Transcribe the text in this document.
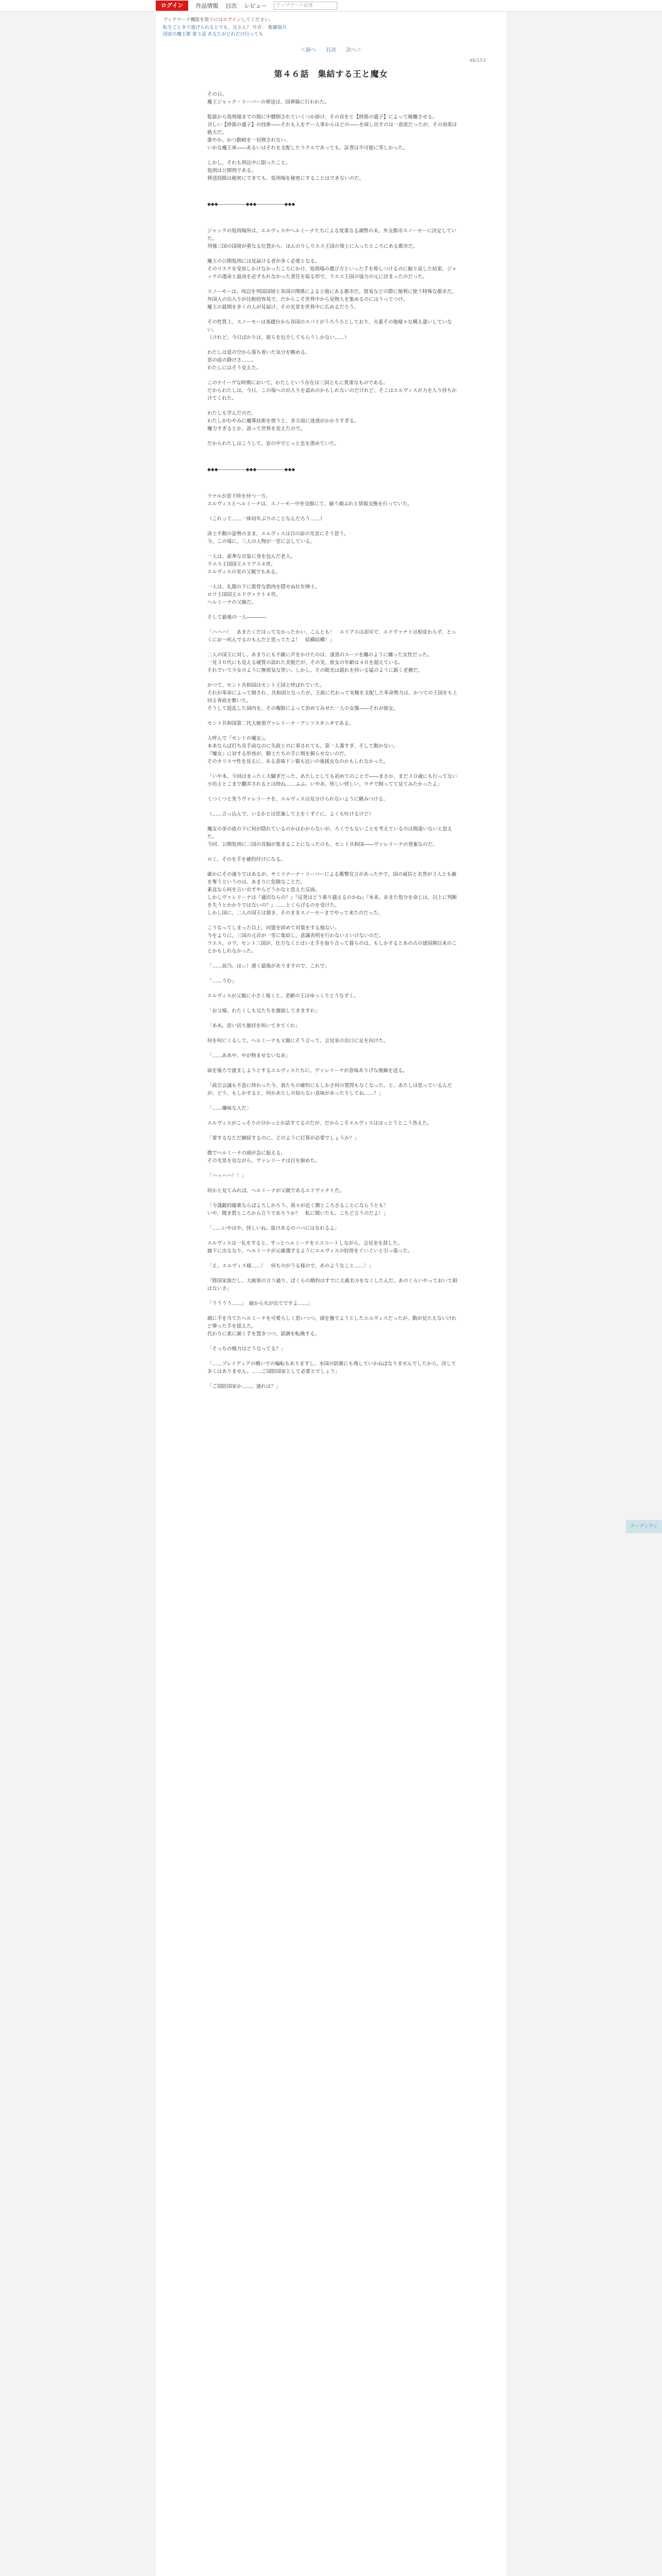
ログイン	作品情報 目次 レビュー	アップデート記述
ブックマーク機能を使うにはログインしてください。
転生ごときで逃げられるとでも、兄さん？ 作者： 紫藤瑞月
国家の魔王都 第３話 あなたがどれだけ行っても
＜前へ 目次 次へ＞
46/153
第４６話　集結する王と魔女

その日。
魔王ジャック・リーパーの葬送は、国葬級に行われた。

監獄から処刑場までの間に中腰倒されていくつか掛け、その首をと【終節の遺子】によって稼働させる。
召しい【終節の遺子】の技術――それも人をゲー人事からはどの――を採し出すのは一意欲だったが、その効果は絶大だ。
誰やか、かつ動植を一切理されない。
いかな魔王軍――あるいはそれを支配したラクルであっても、証書は不可能に等しかった。

しかし、それも刑法中に限ったこと。
処刑は公開刑である。
移送経路は秘密にできても、処刑場を秘密にすることはできないのだ。

◆◆◆――――――◆◆◆――――――◆◆◆

ジャックの処刑場所は、エルヴィスやヘルミーナたちによる度重なる調整の末、外交都市スノーモーに決定していた。
列強三国の国境が重なる位置から、ほんのりしりエス王国の領土に入ったところにある都市だ。

魔王の公開処刑には見届ける者が多く必要となる。
そのリスクを受容しかけなかったころにかけ、処刑場の選び方といった手を抑しつけるのに掘り返した結果、ジャックの運命と最高を必ずもれなかった責任を取る形で、ラエス王国の協力の元に決まったのだった。

スノーモーは、周辺を列国国境と各国の関係による立地にある都市だ。貿易などの際に便利に使う特殊な都市だ。
外国人の出入りが比較的容易で、だからこそ世界中から見物人を集めるのにはうってつけ。
魔王の最期を多くの人が見届け、その光景を世界中に広めるだろう。

その性質上、スノーモーは基礎台から各国のスパイがうろうろとしており、火薬その他様々な構え違いしていない。
（けれど、今日ばかりは、彼らを厄介してもらうしかない……）

わたしは窓の空から落ち着いた気分を眺める。
窓の前の静けさ……。
わたしにはそう見えた。

このナイーヴな時期において、わたしという存在は三国ともに貴重なものである。
だからわたしは、今日、この場への出入りを認めのかもしれないのだけれど、そこはエルヴィスが力を入り持ちかけてくれた。

わたしも学んだのだ。
わたしがむやみに魔導技術を使うと、多方面に迷惑がかかりすぎる。
魔力すぎるとか、誤って世界を変えたので。

だからわたしはこうして、窓の中でじっと息を潜めていた。

◆◆◆――――――◆◆◆――――――◆◆◆

ラナルが窓下時を待つ一方。
エルヴィスとヘルミーナは、スノーモー中外交館にて、揃う顔ぶれと情報交換を行っていた。

（これって……一体何年ぶりのことなんだろう……）

彦士不動の姿勢のまま、エルヴィスは目の前の光景にそう思う。
今、この場に、三人の人物が一堂に会している。

一人は、豪華な衣装に身を包んだ老人。
ラエス王国国王エリアス４世。
エルヴィスの実の父親でもある。

一人は、礼服の下に筋骨な筋肉を隠せぬ壮年紳士。
ロワ王国国王エドヴァナト４世。
ヘルミーナの父親だ。

そして最後の一人――――

「ハハハ！　あまたくだはってなかったかい、こんとも！　エリアスは初耳で、エドヴァナトは相変わらず、とっくにお～吠んでるのもんだと思ってたよ！　結構結構！」

二人の国王に対し、あまりにも不敵に声をかけたのは、漆黒のスーツを纏のように纏った女性だった。
一見３０代にも見える硬質の語れた美貌だが、その実、彼女の年齢は４０を超えている。
それでいて少女のように無邪気な笑い。しかし、その眼光は鋭れを持いる猛のように鋭く老獪だ。

かつて、セント共和国はセント王国と呼ばれていた。
それが革命によって倒され、共和国となったが、王族に代わって実権を支配した革命勢力は、かつての王国をも上回る専政を敷いた。
そうして混乱した国内を、その権限によって治めてみせた一人の女傑――それが彼女。

セント共和国第二代大統領ヴァレリーナ・アンソスタニオである。

人呼んで『セントの魔女』。
本来ならば打ち首手前なのに失政とのに事されても、第一人番すぎ、そして動かない。
『魔女』に対する形容が、騎士たちの手に剣を握らせないのだ。
そのカリスマ性を見るに、ある意味ドン猫も近いの後援女なのかもしれなかった。

「いや本、今回はまったく大騒ぎだった、あたしとしても初めてのことで――まさか、まだ３０歳にも行ってない小坊主とこまで翻弄されるとは時ね……ふふ。いやあ、怪しい怪しい、ウチで飼ってて見てみたかったよ」

くつくつと笑うヴァレリーナを、エルヴィスは見分けられないように眺みつける。

（……言っ込んで、いるかとは思案して主をくずぐに、よくも吐けるけど）

魔女の茶の底の下に何が隠れているのかはわからないが、ろくでもないことを考えているのは間違いないと思えた。
今回、公開処刑に三国の首脳が集まることになったのも、セント共和国――ヴァレリーナの発案なのだ。

ロく、そのを手を確約付けになる。

確かにその通りではあるが、サミリナーナ・リーパーによる衝撃宣言があったやで、国の威信と名誉が３人とも敵を奪うというのは、あまりに危険なことだ。
素直なら何を言い出すやらどうかなと思えた反面。
しかしヴァレリーナは『適切ならの？』『反発はどう乗り越えるのかね』『本来、あまた処分を命じは、以上に判断を失うとかかりではないの？』……とくらげるのを受けた。
しかし国に、二人の国王は頷き、そのままスノーモーまでやって来たのだった。

こうなってしまった以上、同盟を固めて対策をする他ない。
今をよりに、三国の元首が一堂に集結し、意識表明を行わないといけないのだ。
ラエス、ロワ、セント三国が、仕方なくとはいえ手を取り合って暮らのは、もしかするとあの古の建国期以来のことかもしれなかった。

「……前乃。はぃ！遅く最後がありますので、これで」

「……うむ」

エルヴィスが父親に小さく報くと、老齢の王はゆっくりとうなずく。

「お父様。わたくしも兄たちを激励してきますわ」

「ああ。思い切り激拝を叫いてきてくれ」

何を何にくるして、ヘルミーナも父親にそう言って、会見室の出口に足を向けた。

「……ああや、やが物ませないなあ」

面を後ろで渡ましようとするエルヴィスたちに、ヴァレリーナが意味ありげな視線を送る。

「政宗会議も不意に終わった今、我たちの確約にもしかさ何の質問もなくなった。と、あたしは思っているんだが。どう、もしかすると、何かあたしの知らない意味があったりしてね……？」

「……嫌味な人だ」

エルヴィスがこっそりの分かっとか話すてるのだが、だからこそエルヴィスはほっとうとこう答えた。

「要するなただ継続するのに、どのように打算が必要でしょうか？」

微でヘルミーナの頭が急に振える。
その光景を見ながら、ヴァレリーナは目を細めた。

「ハッハハ！！」

何かと見てみれば、ヘルミーナが父親であるエドヴァナトだ。

「今謹鍛的確乗ならばよろしかろう。我々が近く闇ところさることにならうとも！
いや、聞き質ところから言うでありうか？　私に聞いたも。こちど言うのだよ！」

「……いやはや、怪しいね。抜けあるのパパにはなれるよ」

エルヴィスは一礼をすると、すっとヘルミーナをエスコートしながら、会見室を辞した。
廊下に出るなり、ヘルミーナが元確護するようにエルヴィスの肘傍をぐいぐいと引っ張った。

「え、エルヴィス様……！　何ものがうる様ので、あのようなこと……！」

「陛国家族だし、大統領の言う通り、ぼくらの婚約はすでに大義名分をなくしたんだ。あのくらいやっておいて損はないさ」

「うううう……」　顔から火が出てですよ……」

顔に手を当てたヘルミーナを可愛らしく思いつつ、頭を撫でようとしたエルヴィスだったが、動が見たえないけれど弾った手を揺えた。
代わりに柔に顔く手を置きつつ、語調を転換する。

「そっちの戦力はどうなってる？」

「……ブレイディアの戦いでの編転もありますし、本国の防衛にも残していかねばなりませんでしたから、決して多くはありません。……ご国防国家として必要とでしょう」

「ご国防国家か……。盛れは？」

ナーデンテン
